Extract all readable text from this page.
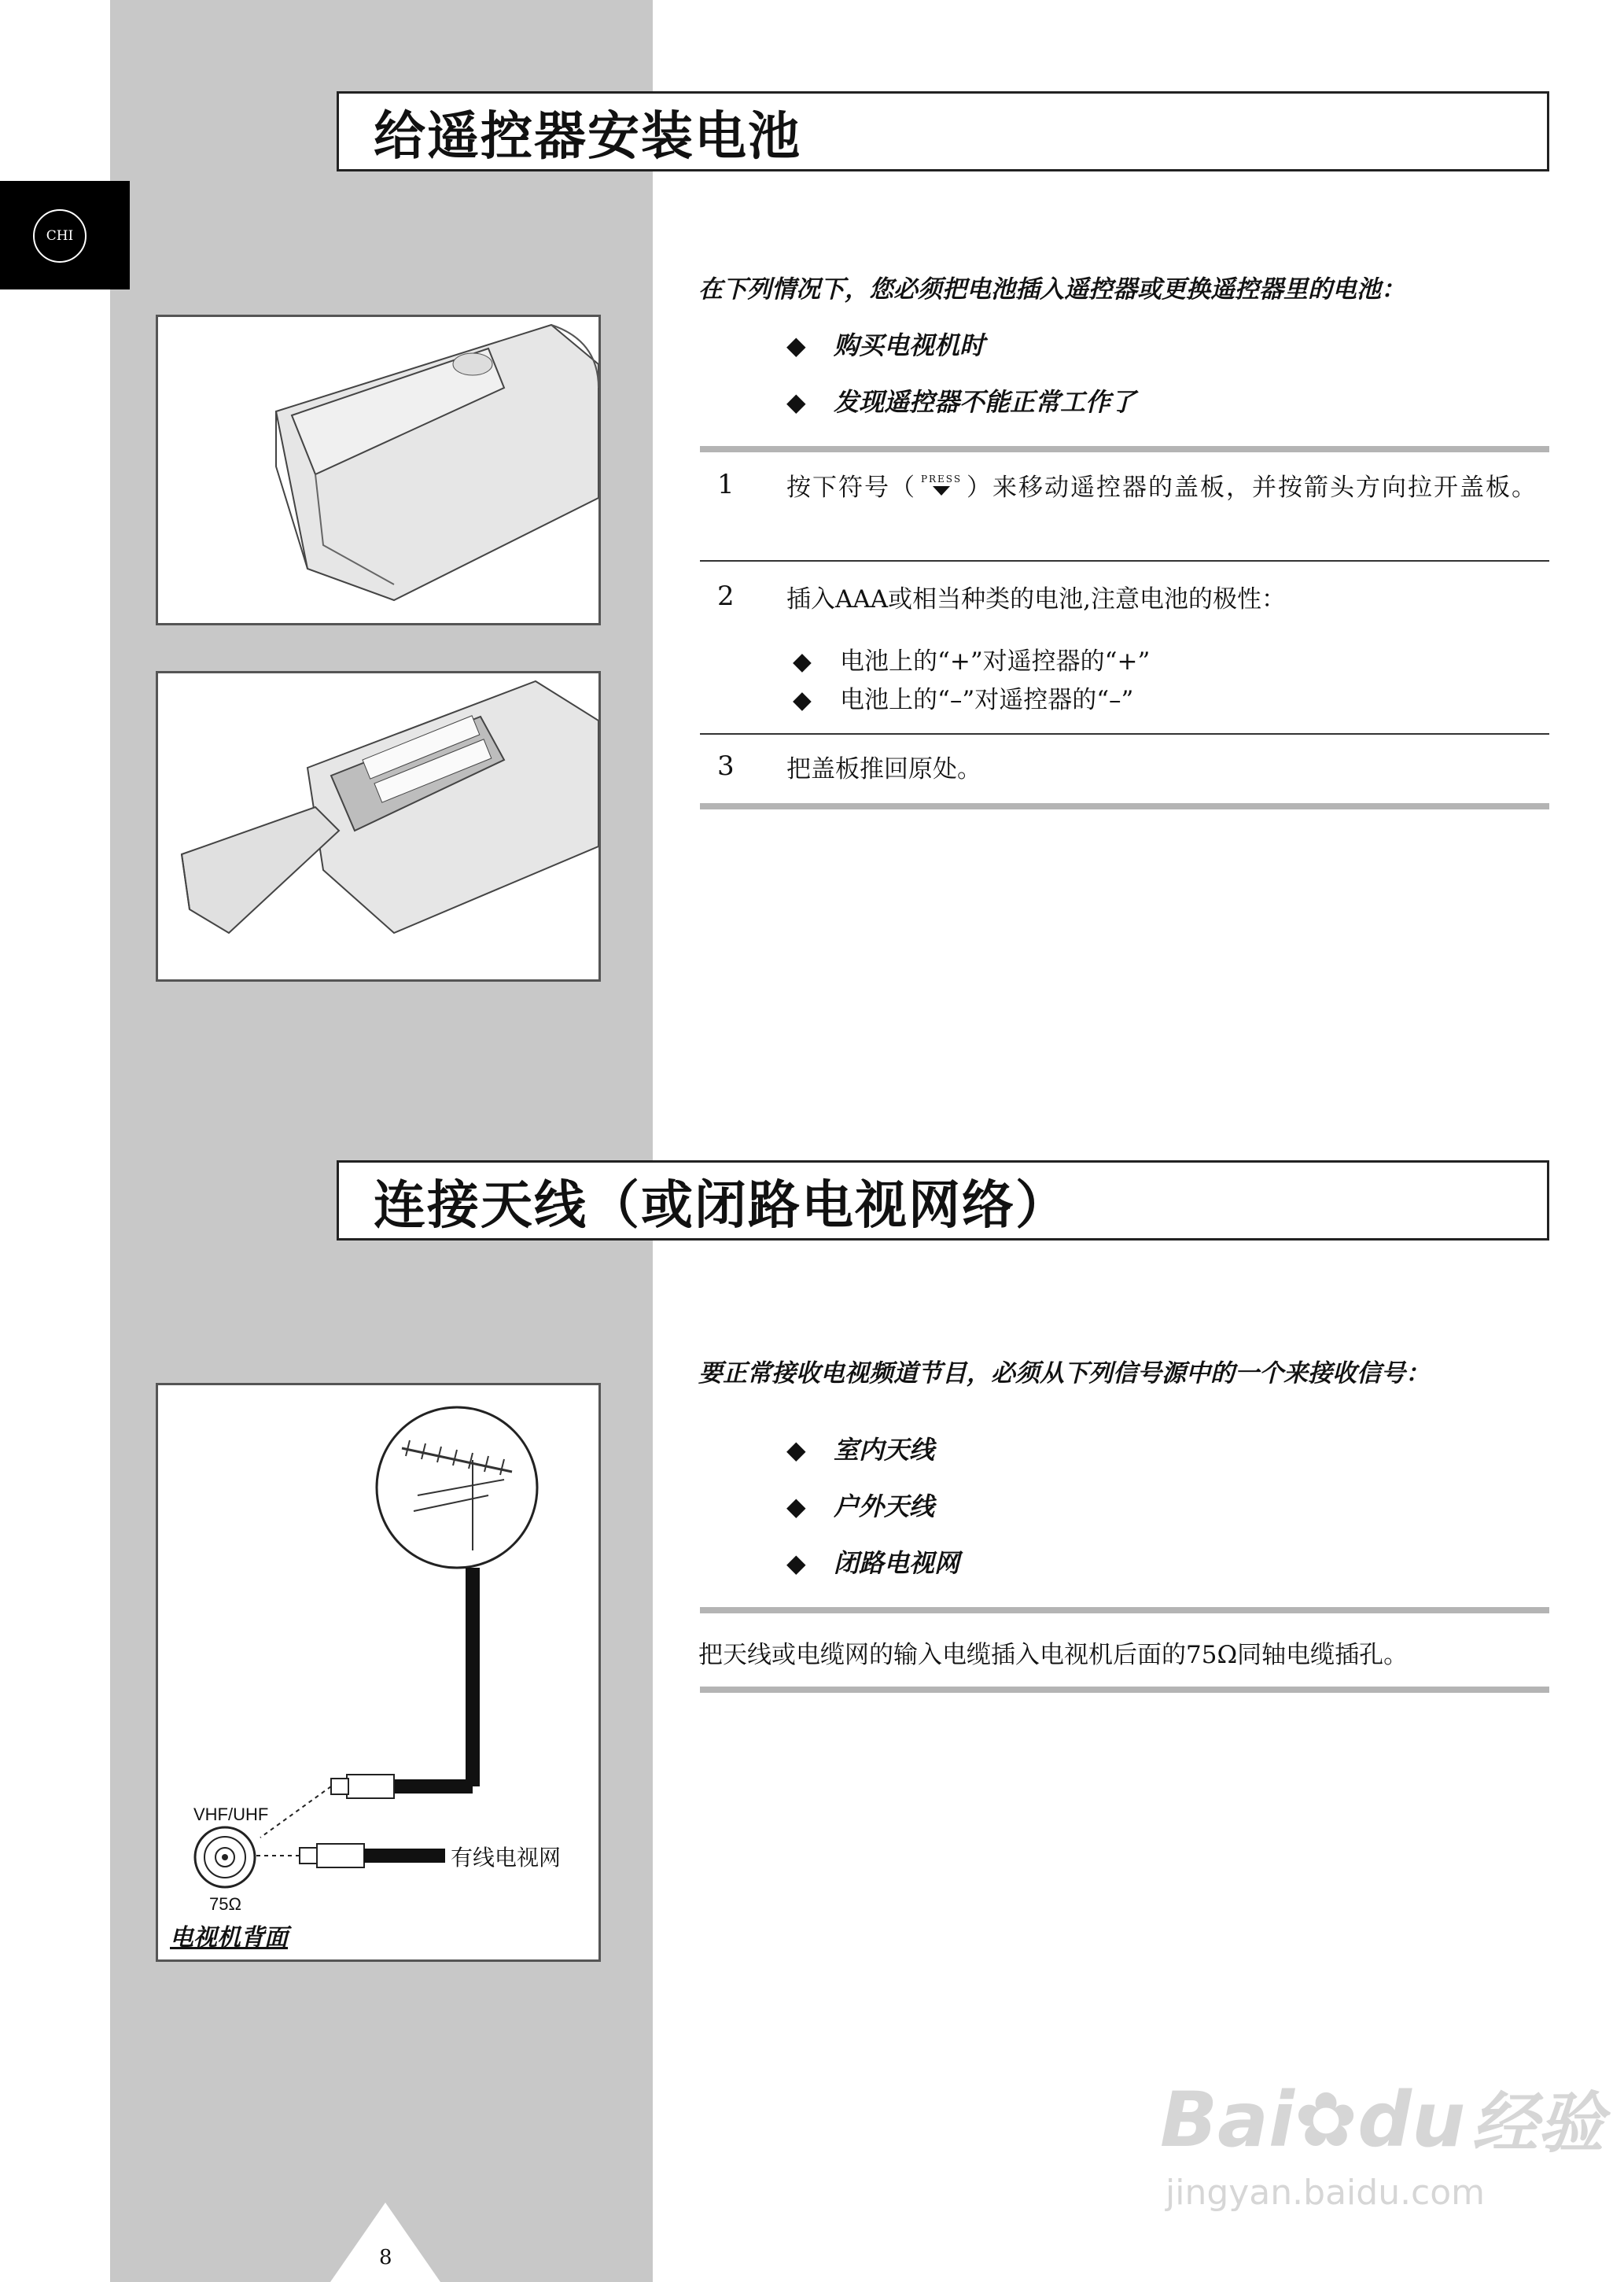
CHI
给遥控器安装电池
在下列情况下，您必须把电池插入遥控器或更换遥控器里的电池：
◆ 购买电视机时
◆ 发现遥控器不能正常工作了
1 按下符号（ PRESS ）来移动遥控器的盖板，并按箭头方向拉开盖板。
2 插入AAA或相当种类的电池,注意电池的极性：
◆ 电池上的“+”对遥控器的“+”
◆ 电池上的“–”对遥控器的“–”
3 把盖板推回原处。
连接天线（或闭路电视网络）
VHF/UHF
75Ω
有线电视网
电视机背面
要正常接收电视频道节目，必须从下列信号源中的一个来接收信号：
◆ 室内天线
◆ 户外天线
◆ 闭路电视网
把天线或电缆网的输入电缆插入电视机后面的75Ω同轴电缆插孔。
8
Bai✿du经验
jingyan.baidu.com
